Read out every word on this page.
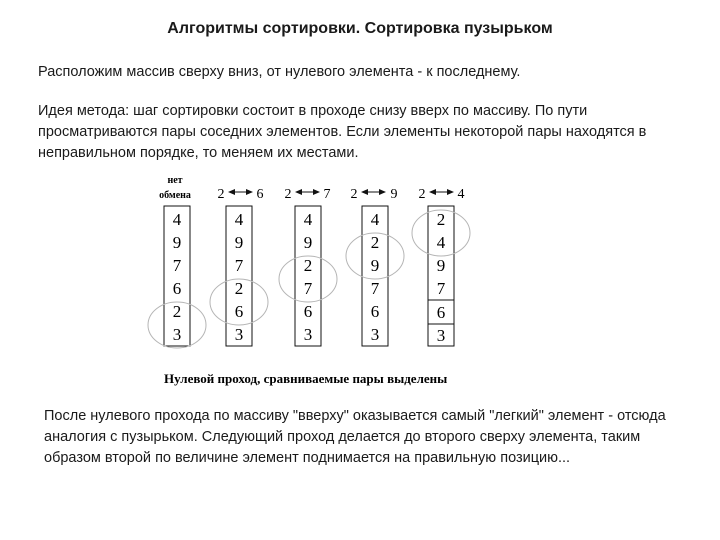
Алгоритмы сортировки. Сортировка пузырьком
Расположим массив сверху вниз, от нулевого элемента - к последнему.
Идея метода: шаг сортировки состоит в проходе снизу вверх по массиву. По пути просматриваются пары соседних элементов. Если элементы некоторой пары находятся в неправильном порядке, то меняем их местами.
нет
обмена 2 6 2 7 2 9 2 4
4
9
7
6
2
3
4
9
7
2
6
3
4
9
2
7
6
3
4
2
9
7
6
3
2
4
9
7
6
3
Нулевой проход, сравниваемые пары выделены
После нулевого прохода по массиву "вверху" оказывается самый "легкий" элемент - отсюда аналогия с пузырьком. Следующий проход делается до второго сверху элемента, таким образом второй по величине элемент поднимается на правильную позицию...
